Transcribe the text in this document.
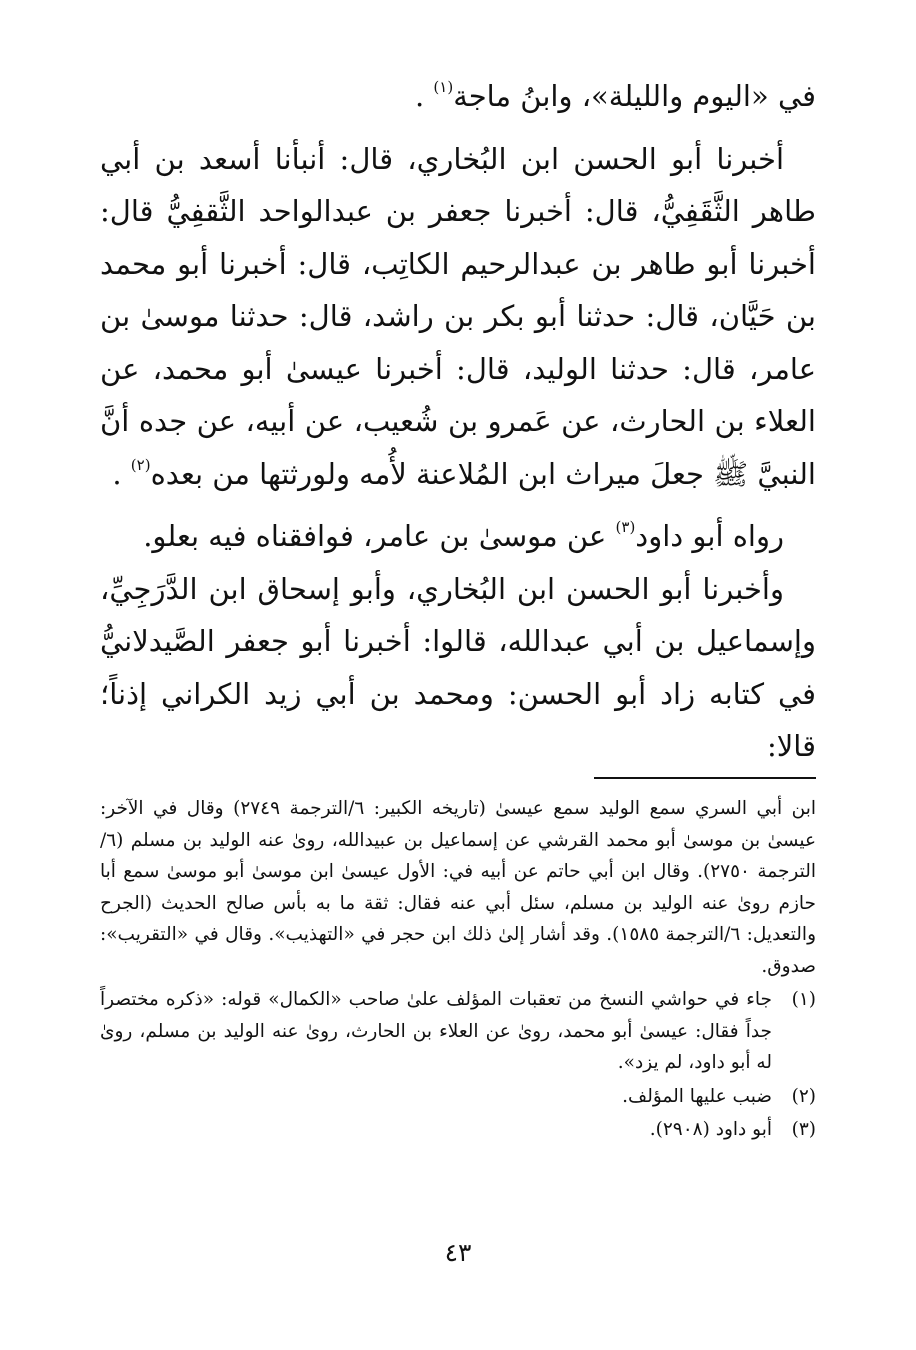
في «اليوم والليلة»، وابنُ ماجة$^{(١)}$ .

أخبرنا أبو الحسن ابن البُخاري، قال: أنبأنا أسعد بن أبي طاهر الثَّقَفِيُّ، قال: أخبرنا جعفر بن عبدالواحد الثَّقفِيُّ قال: أخبرنا أبو طاهر بن عبدالرحيم الكاتِب، قال: أخبرنا أبو محمد بن حَيَّان، قال: حدثنا أبو بكر بن راشد، قال: حدثنا موسىٰ بن عامر، قال: حدثنا الوليد، قال: أخبرنا عيسىٰ أبو محمد، عن العلاء بن الحارث، عن عَمرو بن شُعيب، عن أبيه، عن جده أنَّ النبيَّ ﷺ جعلَ ميراث ابن المُلاعنة لأُمه ولورثتها من بعده$^{(٢)}$ .

رواه أبو داود$^{(٣)}$ عن موسىٰ بن عامر، فوافقناه فيه بعلو.

وأخبرنا أبو الحسن ابن البُخاري، وأبو إسحاق ابن الدَّرَجِيِّ، وإسماعيل بن أبي عبدالله، قالوا: أخبرنا أبو جعفر الصَّيدلانيُّ في كتابه زاد أبو الحسن: ومحمد بن أبي زيد الكراني إذناً؛ قالا:

ابن أبي السري سمع الوليد سمع عيسىٰ (تاريخه الكبير: ٦/الترجمة ٢٧٤٩) وقال في الآخر: عيسىٰ بن موسىٰ أبو محمد القرشي عن إسماعيل بن عبيدالله، روىٰ عنه الوليد بن مسلم (٦/الترجمة ٢٧٥٠). وقال ابن أبي حاتم عن أبيه في: الأول عيسىٰ ابن موسىٰ أبو موسىٰ سمع أبا حازم روىٰ عنه الوليد بن مسلم، سئل أبي عنه فقال: ثقة ما به بأس صالح الحديث (الجرح والتعديل: ٦/الترجمة ١٥٨٥). وقد أشار إلىٰ ذلك ابن حجر في «التهذيب». وقال في «التقريب»: صدوق.

(١)
جاء في حواشي النسخ من تعقبات المؤلف علىٰ صاحب «الكمال» قوله: «ذكره مختصراً جداً فقال: عيسىٰ أبو محمد، روىٰ عن العلاء بن الحارث، روىٰ عنه الوليد بن مسلم، روىٰ له أبو داود، لم يزد».
(٢)
ضبب عليها المؤلف.
(٣)
أبو داود (٢٩٠٨).
٤٣
